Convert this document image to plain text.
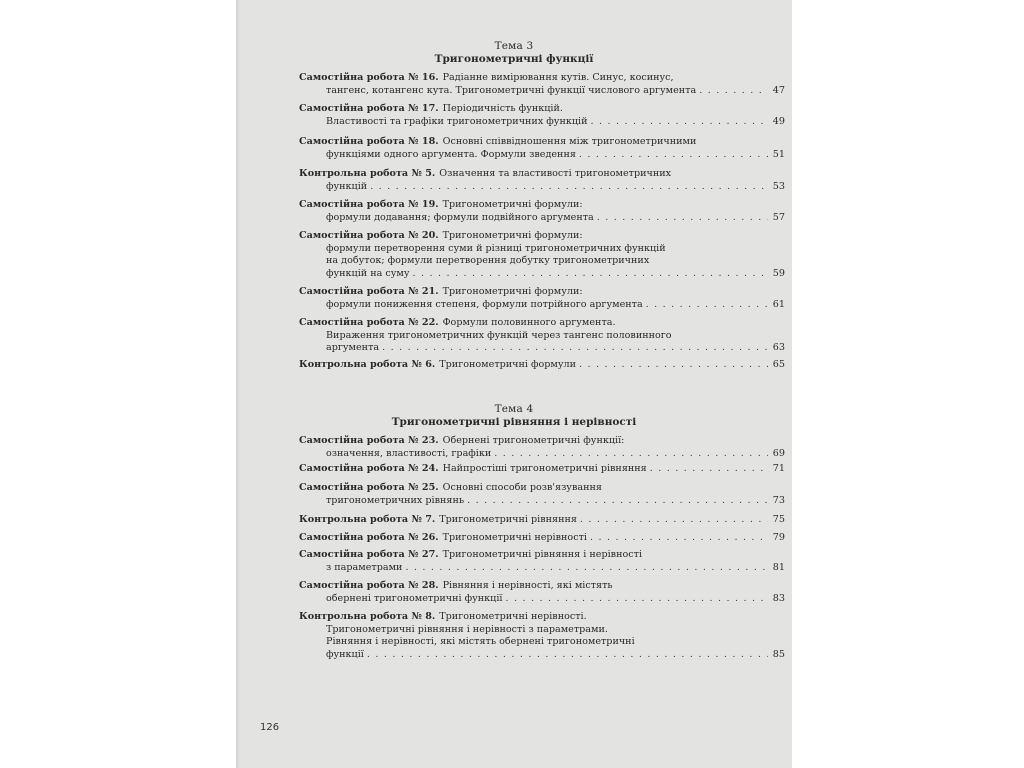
Тема 3
Тригонометричні функції
Самостійна робота № 16. Радіанне вимірювання кутів. Синус, косинус,
тангенс, котангенс кута. Тригонометричні функції числового аргумента . . .	47
Самостійна робота № 17. Періодичність функцій.
Властивості та графіки тригонометричних функцій . . .	49
Самостійна робота № 18. Основні співвідношення між тригонометричними
функціями одного аргумента. Формули зведення . . .	51
Контрольна робота № 5. Означення та властивості тригонометричних
функцій . . .	53
Самостійна робота № 19. Тригонометричні формули:
формули додавання; формули подвійного аргумента . . .	57
Самостійна робота № 20. Тригонометричні формули:
формули перетворення суми й різниці тригонометричних функцій
на добуток; формули перетворення добутку тригонометричних
функцій на суму . . .	59
Самостійна робота № 21. Тригонометричні формули:
формули пониження степеня, формули потрійного аргумента . . .	61
Самостійна робота № 22. Формули половинного аргумента.
Вираження тригонометричних функцій через тангенс половинного
аргумента . . .	63
Контрольна робота № 6. Тригонометричні формули . . .	65
Тема 4
Тригонометричні рівняння і нерівності
Самостійна робота № 23. Обернені тригонометричні функції:
означення, властивості, графіки . . .	69
Самостійна робота № 24. Найпростіші тригонометричні рівняння . . .	71
Самостійна робота № 25. Основні способи розв'язування
тригонометричних рівнянь . . .	73
Контрольна робота № 7. Тригонометричні рівняння . . .	75
Самостійна робота № 26. Тригонометричні нерівності . . .	79
Самостійна робота № 27. Тригонометричні рівняння і нерівності
з параметрами . . .	81
Самостійна робота № 28. Рівняння і нерівності, які містять
обернені тригонометричні функції . . .	83
Контрольна робота № 8. Тригонометричні нерівності.
Тригонометричні рівняння і нерівності з параметрами.
Рівняння і нерівності, які містять обернені тригонометричні
функції . . .	85
126
